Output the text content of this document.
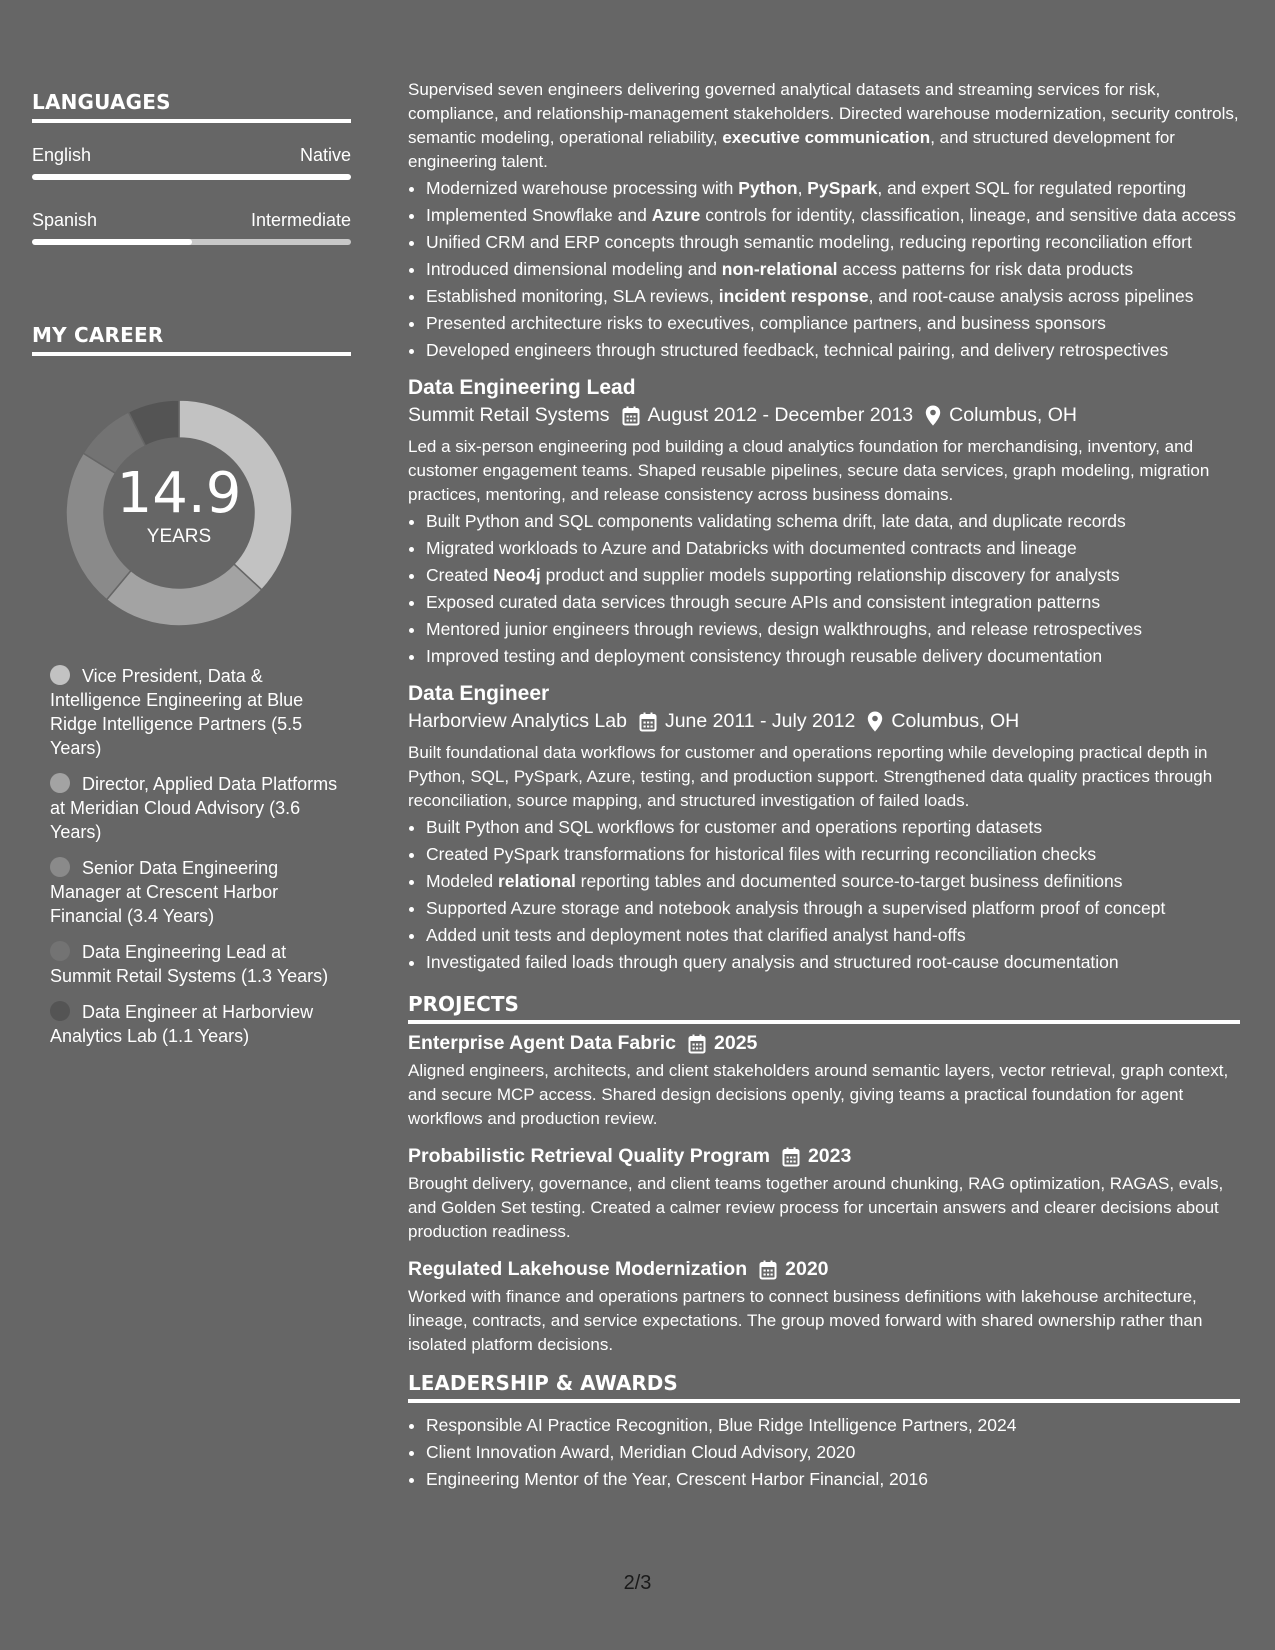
LANGUAGES
English	Native
Spanish	Intermediate
MY CAREER
14.9
YEARS
Vice President, Data & Intelligence Engineering at Blue Ridge Intelligence Partners (5.5 Years)
Director, Applied Data Platforms at Meridian Cloud Advisory (3.6 Years)
Senior Data Engineering Manager at Crescent Harbor Financial (3.4 Years)
Data Engineering Lead at Summit Retail Systems (1.3 Years)
Data Engineer at Harborview Analytics Lab (1.1 Years)

Supervised seven engineers delivering governed analytical datasets and streaming services for risk, compliance, and relationship-management stakeholders. Directed warehouse modernization, security controls, semantic modeling, operational reliability, executive communication, and structured development for engineering talent.

• Modernized warehouse processing with Python, PySpark, and expert SQL for regulated reporting
• Implemented Snowflake and Azure controls for identity, classification, lineage, and sensitive data access
• Unified CRM and ERP concepts through semantic modeling, reducing reporting reconciliation effort
• Introduced dimensional modeling and non-relational access patterns for risk data products
• Established monitoring, SLA reviews, incident response, and root-cause analysis across pipelines
• Presented architecture risks to executives, compliance partners, and business sponsors
• Developed engineers through structured feedback, technical pairing, and delivery retrospectives
Data Engineering Lead
Summit Retail Systems August 2012 - December 2013 Columbus, OH

Led a six-person engineering pod building a cloud analytics foundation for merchandising, inventory, and customer engagement teams. Shaped reusable pipelines, secure data services, graph modeling, migration practices, mentoring, and release consistency across business domains.

• Built Python and SQL components validating schema drift, late data, and duplicate records
• Migrated workloads to Azure and Databricks with documented contracts and lineage
• Created Neo4j product and supplier models supporting relationship discovery for analysts
• Exposed curated data services through secure APIs and consistent integration patterns
• Mentored junior engineers through reviews, design walkthroughs, and release retrospectives
• Improved testing and deployment consistency through reusable delivery documentation
Data Engineer
Harborview Analytics Lab June 2011 - July 2012 Columbus, OH

Built foundational data workflows for customer and operations reporting while developing practical depth in Python, SQL, PySpark, Azure, testing, and production support. Strengthened data quality practices through reconciliation, source mapping, and structured investigation of failed loads.

• Built Python and SQL workflows for customer and operations reporting datasets
• Created PySpark transformations for historical files with recurring reconciliation checks
• Modeled relational reporting tables and documented source-to-target business definitions
• Supported Azure storage and notebook analysis through a supervised platform proof of concept
• Added unit tests and deployment notes that clarified analyst hand-offs
• Investigated failed loads through query analysis and structured root-cause documentation
PROJECTS
Enterprise Agent Data Fabric 2025

Aligned engineers, architects, and client stakeholders around semantic layers, vector retrieval, graph context, and secure MCP access. Shared design decisions openly, giving teams a practical foundation for agent workflows and production review.

Probabilistic Retrieval Quality Program 2023

Brought delivery, governance, and client teams together around chunking, RAG optimization, RAGAS, evals, and Golden Set testing. Created a calmer review process for uncertain answers and clearer decisions about production readiness.

Regulated Lakehouse Modernization 2020

Worked with finance and operations partners to connect business definitions with lakehouse architecture, lineage, contracts, and service expectations. The group moved forward with shared ownership rather than isolated platform decisions.

LEADERSHIP & AWARDS
• Responsible AI Practice Recognition, Blue Ridge Intelligence Partners, 2024
• Client Innovation Award, Meridian Cloud Advisory, 2020
• Engineering Mentor of the Year, Crescent Harbor Financial, 2016
2/3
